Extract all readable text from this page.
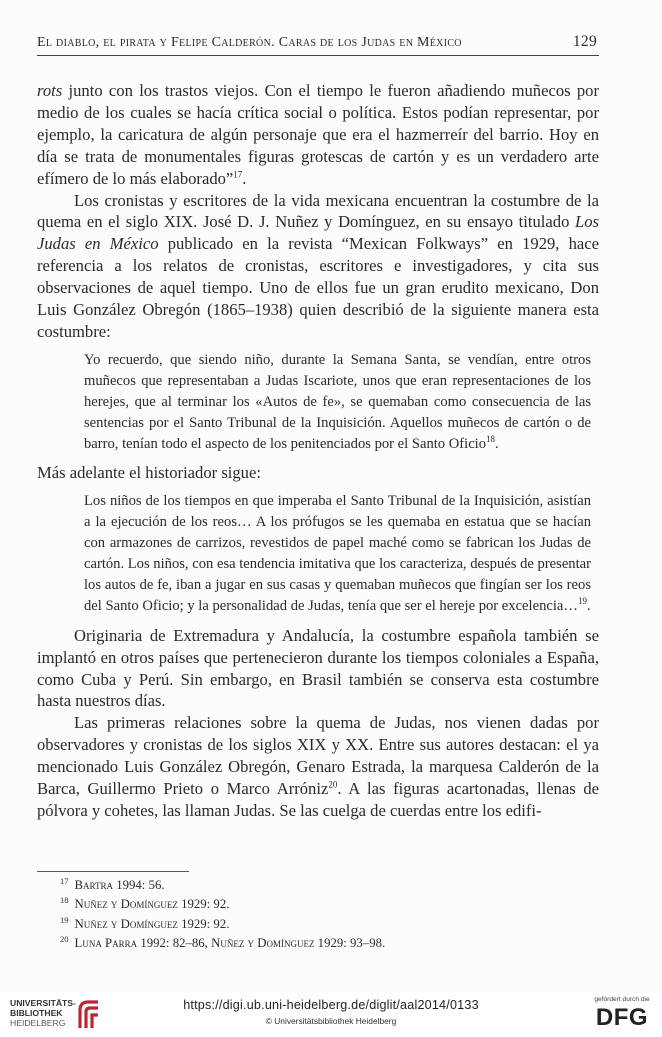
El diablo, el pirata y Felipe Calderón. Caras de los Judas en México	129

rots junto con los trastos viejos. Con el tiempo le fueron añadiendo muñecos por medio de los cuales se hacía crítica social o política. Estos podían representar, por ejemplo, la caricatura de algún personaje que era el hazmerreír del barrio. Hoy en día se trata de monumentales figuras grotescas de cartón y es un verdadero arte efímero de lo más elaborado”$^{17}$.

Los cronistas y escritores de la vida mexicana encuentran la costumbre de la quema en el siglo XIX. José D. J. Nuñez y Domínguez, en su ensayo titulado Los Judas en México publicado en la revista “Mexican Folkways” en 1929, hace referencia a los relatos de cronistas, escritores e investigadores, y cita sus observaciones de aquel tiempo. Uno de ellos fue un gran erudito mexicano, Don Luis González Obregón (1865–1938) quien describió de la siguiente manera esta costumbre:

Yo recuerdo, que siendo niño, durante la Semana Santa, se vendían, entre otros muñecos que representaban a Judas Iscariote, unos que eran representaciones de los herejes, que al terminar los «Autos de fe», se quemaban como consecuencia de las sentencias por el Santo Tribunal de la Inquisición. Aquellos muñecos de cartón o de barro, tenían todo el aspecto de los penitenciados por el Santo Oficio$^{18}$.

Más adelante el historiador sigue:

Los niños de los tiempos en que imperaba el Santo Tribunal de la Inquisición, asistían a la ejecución de los reos… A los prófugos se les quemaba en estatua que se hacían con armazones de carrizos, revestidos de papel maché como se fabrican los Judas de cartón. Los niños, con esa tendencia imitativa que los caracteriza, después de presentar los autos de fe, iban a jugar en sus casas y quemaban muñecos que fingían ser los reos del Santo Oficio; y la personalidad de Judas, tenía que ser el hereje por excelencia…$^{19}$.

Originaria de Extremadura y Andalucía, la costumbre española también se implantó en otros países que pertenecieron durante los tiempos coloniales a España, como Cuba y Perú. Sin embargo, en Brasil también se conserva esta costumbre hasta nuestros días.

Las primeras relaciones sobre la quema de Judas, nos vienen dadas por observadores y cronistas de los siglos XIX y XX. Entre sus autores destacan: el ya mencionado Luis González Obregón, Genaro Estrada, la marquesa Calderón de la Barca, Guillermo Prieto o Marco Arróniz$^{20}$. A las figuras acartonadas, llenas de pólvora y cohetes, las llaman Judas. Se las cuelga de cuerdas entre los edifi-

$^{17}$ Bartra 1994: 56.
$^{18}$ Nuñez y Domínguez 1929: 92.
$^{19}$ Nuñez y Domínguez 1929: 92.
$^{20}$ Luna Parra 1992: 82–86, Nuñez y Domínguez 1929: 93–98.
UNIVERSITÄTS-
BIBLIOTHEK
HEIDELBERG
https://digi.ub.uni-heidelberg.de/diglit/aal2014/0133
© Universitätsbibliothek Heidelberg
gefördert durch die
DFG
